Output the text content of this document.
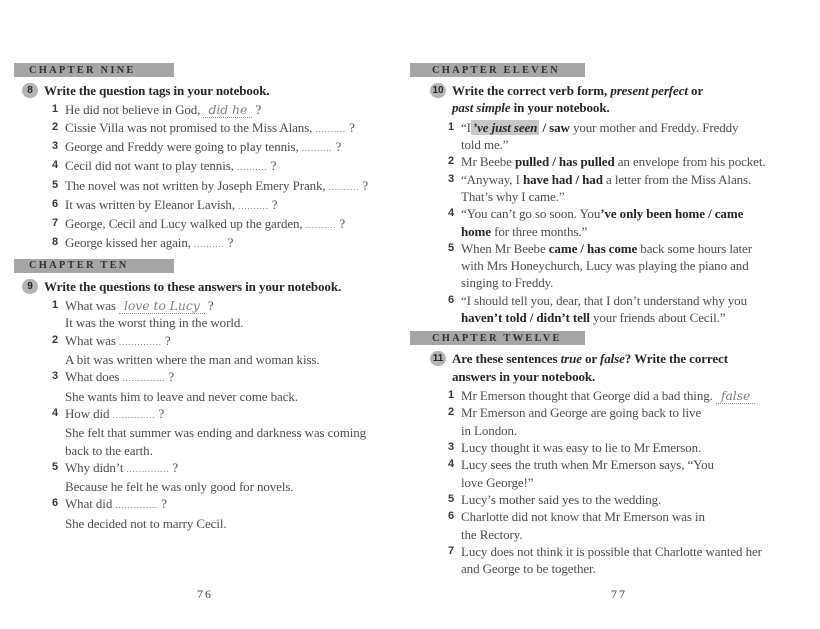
CHAPTER NINE
8 Write the question tags in your notebook.
1 He did not believe in God, did he ?
2 Cissie Villa was not promised to the Miss Alans, .......... ?
3 George and Freddy were going to play tennis, .......... ?
4 Cecil did not want to play tennis, .......... ?
5 The novel was not written by Joseph Emery Prank, .......... ?
6 It was written by Eleanor Lavish, .......... ?
7 George, Cecil and Lucy walked up the garden, .......... ?
8 George kissed her again, .......... ?
CHAPTER TEN
9 Write the questions to these answers in your notebook.
1 What was love to Lucy ?
It was the worst thing in the world.
2 What was .............. ?
A bit was written where the man and woman kiss.
3 What does .............. ?
She wants him to leave and never come back.
4 How did .............. ?
She felt that summer was ending and darkness was coming
back to the earth.
5 Why didn’t .............. ?
Because he felt he was only good for novels.
6 What did .............. ?
She decided not to marry Cecil.
76
CHAPTER ELEVEN
10 Write the correct verb form, present perfect or
past simple in your notebook.
1 “I ’ve just seen / saw your mother and Freddy. Freddy
told me.”
2 Mr Beebe pulled / has pulled an envelope from his pocket.
3 “Anyway, I have had / had a letter from the Miss Alans.
That’s why I came.”
4 “You can’t go so soon. You’ve only been home / came
home for three months.”
5 When Mr Beebe came / has come back some hours later
with Mrs Honeychurch, Lucy was playing the piano and
singing to Freddy.
6 “I should tell you, dear, that I don’t understand why you
haven’t told / didn’t tell your friends about Cecil.”
CHAPTER TWELVE
11 Are these sentences true or false? Write the correct
answers in your notebook.
1 Mr Emerson thought that George did a bad thing. false
2 Mr Emerson and George are going back to live
in London.
3 Lucy thought it was easy to lie to Mr Emerson.
4 Lucy sees the truth when Mr Emerson says, “You
love George!”
5 Lucy’s mother said yes to the wedding.
6 Charlotte did not know that Mr Emerson was in
the Rectory.
7 Lucy does not think it is possible that Charlotte wanted her
and George to be together.
77
